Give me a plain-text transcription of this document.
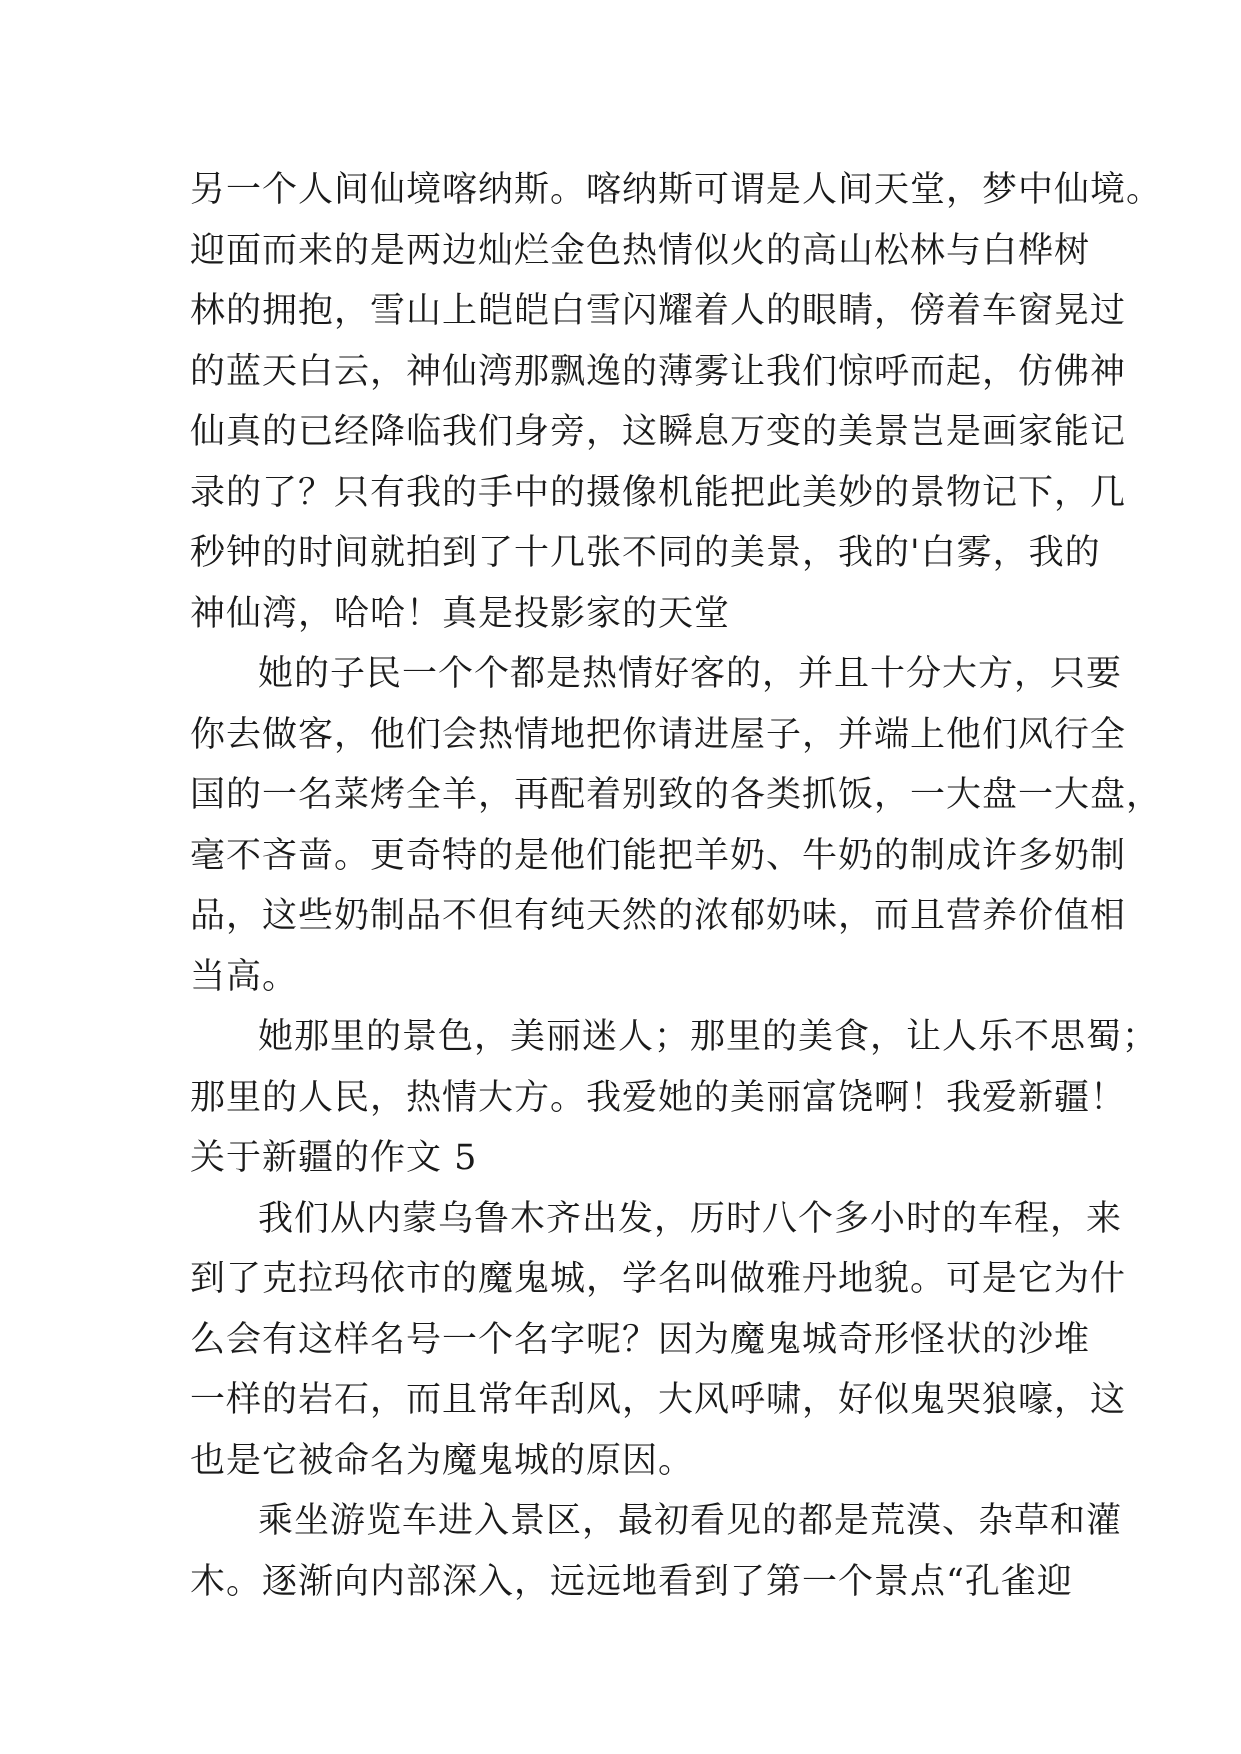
另一个人间仙境喀纳斯。喀纳斯可谓是人间天堂，梦中仙境。
迎面而来的是两边灿烂金色热情似火的高山松林与白桦树
林的拥抱，雪山上皑皑白雪闪耀着人的眼睛，傍着车窗晃过
的蓝天白云，神仙湾那飘逸的薄雾让我们惊呼而起，仿佛神
仙真的已经降临我们身旁，这瞬息万变的美景岂是画家能记
录的了？只有我的手中的摄像机能把此美妙的景物记下，几
秒钟的时间就拍到了十几张不同的美景，我的'白雾，我的
神仙湾，哈哈！真是投影家的天堂
她的子民一个个都是热情好客的，并且十分大方，只要
你去做客，他们会热情地把你请进屋子，并端上他们风行全
国的一名菜烤全羊，再配着别致的各类抓饭，一大盘一大盘，
毫不吝啬。更奇特的是他们能把羊奶、牛奶的制成许多奶制
品，这些奶制品不但有纯天然的浓郁奶味，而且营养价值相
当高。
她那里的景色，美丽迷人；那里的美食，让人乐不思蜀；
那里的人民，热情大方。我爱她的美丽富饶啊！我爱新疆！
关于新疆的作文 5
我们从内蒙乌鲁木齐出发，历时八个多小时的车程，来
到了克拉玛依市的魔鬼城，学名叫做雅丹地貌。可是它为什
么会有这样名号一个名字呢？因为魔鬼城奇形怪状的沙堆
一样的岩石，而且常年刮风，大风呼啸，好似鬼哭狼嚎，这
也是它被命名为魔鬼城的原因。
乘坐游览车进入景区，最初看见的都是荒漠、杂草和灌
木。逐渐向内部深入，远远地看到了第一个景点“孔雀迎
